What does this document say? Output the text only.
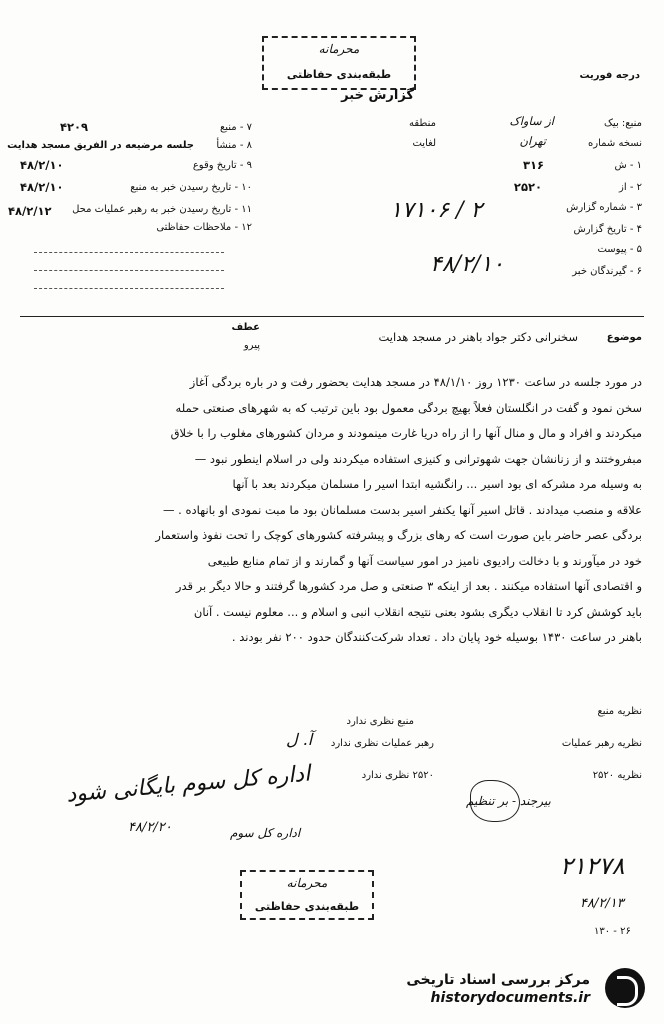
محرمانه
طبقه‌بندی حفاظتی
گزارش خبر
درجه فوریت
منبع: بیک
از ساواک
منطقه
نسخه شماره
تهران
لغایت
۱ - ش
۳۱۶
۲ - از
۲۵۲۰
۳ - شماره گزارش
۴ - تاریخ گزارش
۵ - پیوست
۶ - گیرندگان خبر
۱۷۱۰۶ / ۲
۴۸/۲/۱۰
۷ - منبع
۴۲۰۹
۸ - منشأ
جلسه مرضیعه در الفریق مسجد هدایت
۹ - تاریخ وقوع
۴۸/۲/۱۰
۱۰ - تاریخ رسیدن خبر به منبع
۴۸/۲/۱۰
۱۱ - تاریخ رسیدن خبر به رهبر عملیات محل
۴۸/۲/۱۲
۱۲ - ملاحظات حفاظتی
موضوع
سخنرانی دکتر جواد باهنر در مسجد هدایت
عطف
پیرو
در مورد جلسه در ساعت ۱۲۳۰ روز ۴۸/۱/۱۰ در مسجد هدایت بحضور رفت و در باره بردگی آغاز
سخن نمود و گفت در انگلستان فعلاً بهیچ بردگی معمول بود باین ترتیب که به شهرهای صنعتی حمله
میکردند و افراد و مال و منال آنها را از راه دریا غارت مینمودند و مردان کشورهای مغلوب را با خلاق
مبفروختند و از زنانشان جهت شهوترانی و کنیزی استفاده میکردند ولی در اسلام اینطور نبود —
به وسیله مرد مشرکه ای بود اسیر ... رانگشیه ابتدا اسیر را مسلمان میکردند بعد با آنها
علاقه و منصب میدادند . قاتل اسیر آنها یکنفر اسیر بدست مسلمانان بود ما مبت نمودی او بانهاده . —
بردگی عصر حاضر باین صورت است که رهای بزرگ و پیشرفته کشورهای کوچک را تحت نفوذ واستعمار
خود در میآورند و با دخالت رادیوی نامیز در امور سیاست آنها و گمارند و از تمام منابع طبیعی
و اقتصادی آنها استفاده میکنند . بعد از اینکه ۳ صنعتی و صل مرد کشورها گرفتند و حالا دیگر بر قدر
باید کوشش کرد تا انقلاب دیگری بشود بعنی نتیجه انقلاب انبی و اسلام و ... معلوم نیست . آنان
باهنر در ساعت ۱۴۳۰ بوسیله خود پایان داد . تعداد شرکت‌کنندگان حدود ۲۰۰ نفر بودند .
نظریه منبع
منبع نظری ندارد
نظریه رهبر عملیات
رهبر عملیات نظری ندارد
آ. ل
نظریه ۲۵۲۰
۲۵۲۰ نظری ندارد
اداره کل سوم بایگانی شود
۴۸/۲/۲۰	اداره کل سوم
بیرجند - بر تنظیم
۲۱۲۷۸
۴۸/۲/۱۳
۱۳۰ - ۲۶
محرمانه
طبقه‌بندی حفاظتی
مرکز بررسی اسناد تاریخی
historydocuments.ir
